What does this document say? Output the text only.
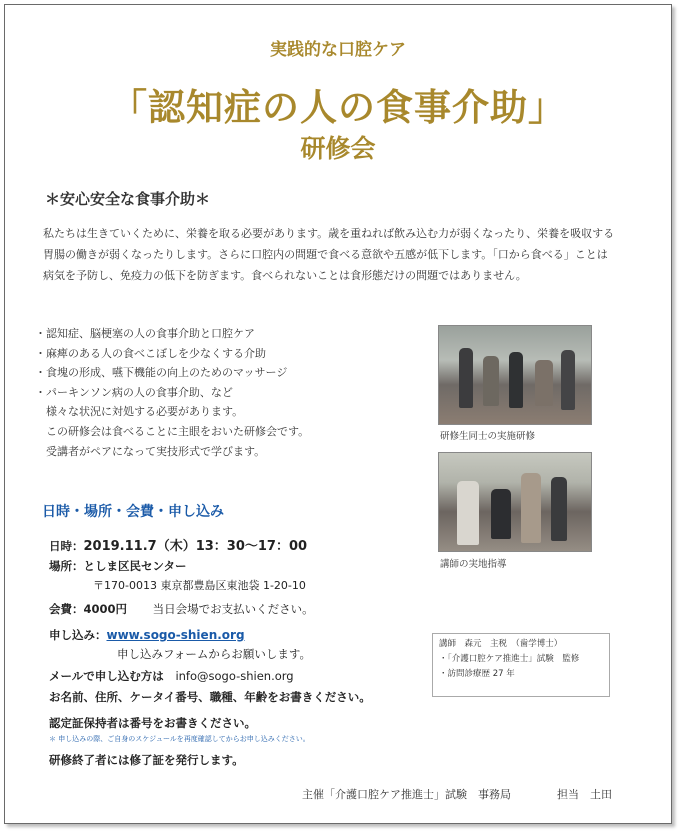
実践的な口腔ケア
「認知症の人の食事介助」
研修会
＊安心安全な食事介助＊
私たちは生きていくために、栄養を取る必要があります。歳を重ねれば飲み込む力が弱くなったり、栄養を吸収する
胃腸の働きが弱くなったりします。さらに口腔内の問題で食べる意欲や五感が低下します。「口から食べる」ことは
病気を予防し、免疫力の低下を防ぎます。食べられないことは食形態だけの問題ではありません。
・認知症、脳梗塞の人の食事介助と口腔ケア
・麻痺のある人の食べこぼしを少なくする介助
・食塊の形成、嚥下機能の向上のためのマッサージ
・パーキンソン病の人の食事介助、など
　様々な状況に対処する必要があります。
　この研修会は食べることに主眼をおいた研修会です。
　受講者がペアになって実技形式で学びます。
研修生同士の実施研修
講師の実地指導
日時・場所・会費・申し込み
日時：2019.11.7（木）13：30〜17：00
場所：としま区民センター
〒170-0013 東京都豊島区東池袋 1-20-10
会費：4000円 当日会場でお支払いください。
申し込み：www.sogo-shien.org
申し込みフォームからお願いします。
メールで申し込む方は info@sogo-shien.org
お名前、住所、ケータイ番号、職種、年齢をお書きください。
認定証保持者は番号をお書きください。
＊ 申し込みの際、ご自身のスケジュールを再度確認してからお申し込みください。
研修終了者には修了証を発行します。
講師　森元　主税　（歯学博士）
・「介護口腔ケア推進士」試験　監修
・訪問診療歴 27 年
主催「介護口腔ケア推進士」試験　事務局	担当　土田
